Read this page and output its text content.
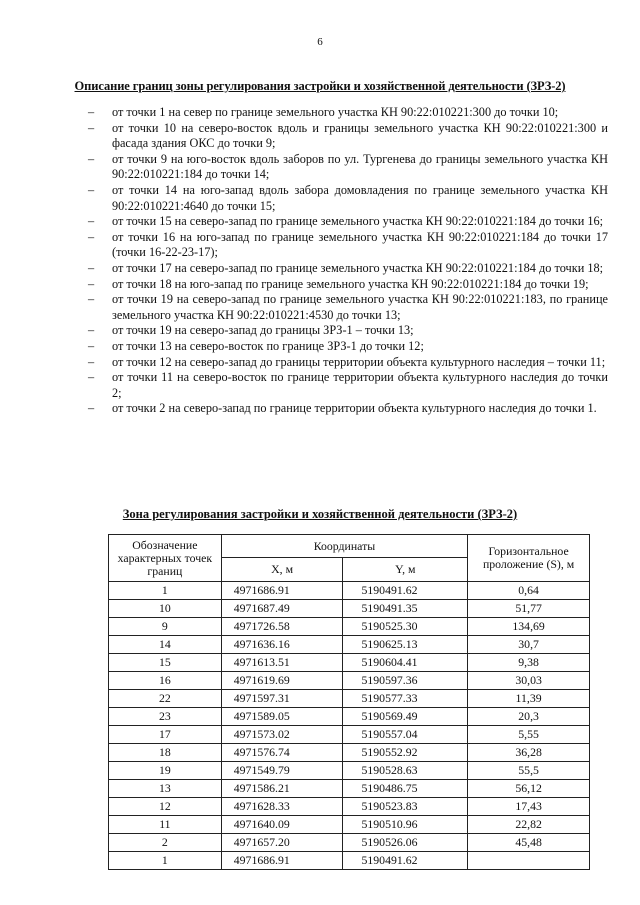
6
Описание границ зоны регулирования застройки и хозяйственной деятельности (ЗРЗ-2)
– от точки 1 на север по границе земельного участка КН 90:22:010221:300 до точки 10;
– от точки 10 на северо-восток вдоль и границы земельного участка КН 90:22:010221:300 и фасада здания ОКС до точки 9;
– от точки 9 на юго-восток вдоль заборов по ул. Тургенева до границы земельного участка КН 90:22:010221:184 до точки 14;
– от точки 14 на юго-запад вдоль забора домовладения по границе земельного участка КН 90:22:010221:4640 до точки 15;
– от точки 15 на северо-запад по границе земельного участка КН 90:22:010221:184 до точки 16;
– от точки 16 на юго-запад по границе земельного участка КН 90:22:010221:184 до точки 17 (точки 16-22-23-17);
– от точки 17 на северо-запад по границе земельного участка КН 90:22:010221:184 до точки 18;
– от точки 18 на юго-запад по границе земельного участка КН 90:22:010221:184 до точки 19;
– от точки 19 на северо-запад по границе земельного участка КН 90:22:010221:183, по границе земельного участка КН 90:22:010221:4530 до точки 13;
– от точки 19 на северо-запад до границы ЗРЗ-1 – точки 13;
– от точки 13 на северо-восток по границе ЗРЗ-1 до точки 12;
– от точки 12 на северо-запад до границы территории объекта культурного наследия – точки 11;
– от точки 11 на северо-восток по границе территории объекта культурного наследия до точки 2;
– от точки 2 на северо-запад по границе территории объекта культурного наследия до точки 1.
Зона регулирования застройки и хозяйственной деятельности (ЗРЗ-2)
Обозначение характерных точек границ	Координаты		Горизонтальное проложение (S), м
	X, м	Y, м	
1	4971686.91	5190491.62	0,64
10	4971687.49	5190491.35	51,77
9	4971726.58	5190525.30	134,69
14	4971636.16	5190625.13	30,7
15	4971613.51	5190604.41	9,38
16	4971619.69	5190597.36	30,03
22	4971597.31	5190577.33	11,39
23	4971589.05	5190569.49	20,3
17	4971573.02	5190557.04	5,55
18	4971576.74	5190552.92	36,28
19	4971549.79	5190528.63	55,5
13	4971586.21	5190486.75	56,12
12	4971628.33	5190523.83	17,43
11	4971640.09	5190510.96	22,82
2	4971657.20	5190526.06	45,48
1	4971686.91	5190491.62	
